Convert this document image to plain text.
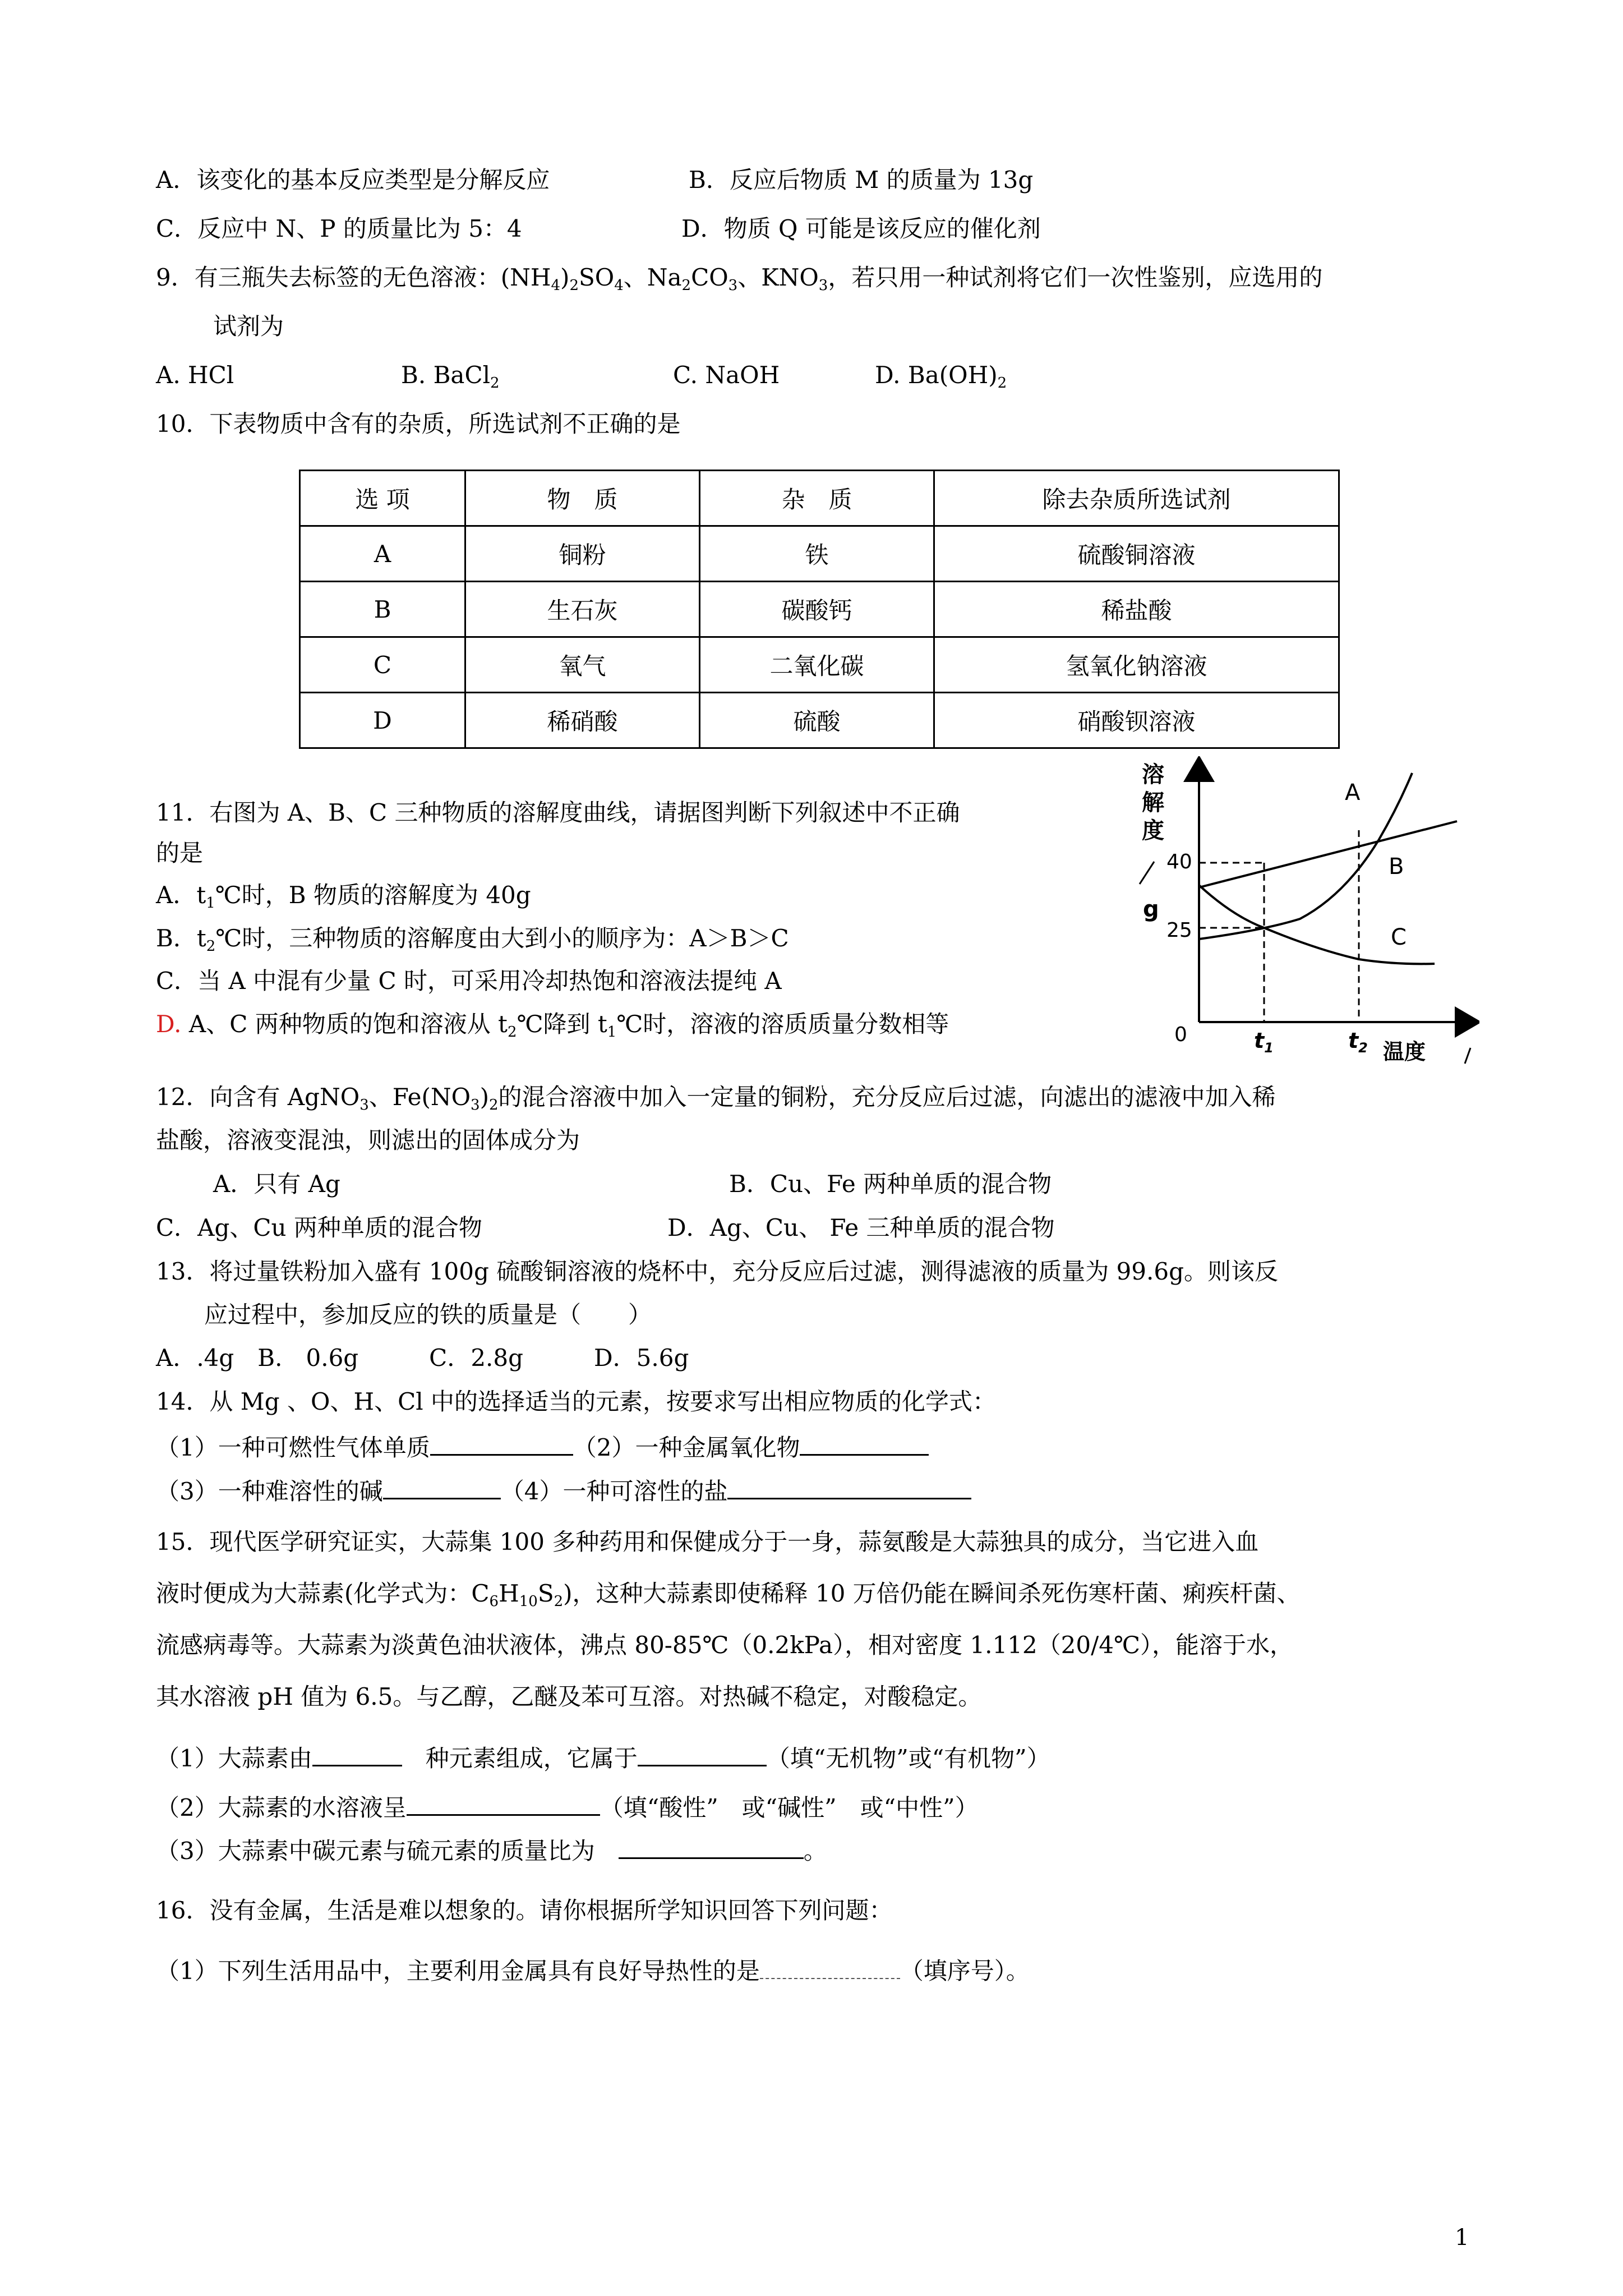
A．该变化的基本反应类型是分解反应	B．反应后物质 M 的质量为 13g
C．反应中 N、P 的质量比为 5：4	D．物质 Q 可能是该反应的催化剂
9．有三瓶失去标签的无色溶液：$(NH_4)_2SO_4$、$Na_2CO_3$、$KNO_3$，若只用一种试剂将它们一次性鉴别，应选用的
试剂为
A. HCl	B. BaCl$_2$	C. NaOH	D. $Ba(OH)_2$
10．下表物质中含有的杂质，所选试剂不正确的是
选 项	物　质	杂　质	除去杂质所选试剂
A	铜粉	铁	硫酸铜溶液
B	生石灰	碳酸钙	稀盐酸
C	氧气	二氧化碳	氢氧化钠溶液
D	稀硝酸	硫酸	硝酸钡溶液
11．右图为 A、B、C 三种物质的溶解度曲线，请据图判断下列叙述中不正确
的是
A．$t_1℃$时，B 物质的溶解度为 40g
B．$t_2℃$时，三种物质的溶解度由大到小的顺序为：A＞B＞C
C．当 A 中混有少量 C 时，可采用冷却热饱和溶液法提纯 A
D. A、C 两种物质的饱和溶液从 $t_2℃$降到 $t_1℃$时，溶液的溶质质量分数相等
溶
解
度
g
40
25
0
A
B
C
$t_1$	$t_2$ 温度
12．向含有 AgNO$_3$、$Fe(NO_3)_2$的混合溶液中加入一定量的铜粉，充分反应后过滤，向滤出的滤液中加入稀
盐酸，溶液变混浊，则滤出的固体成分为
A．只有 Ag	B．Cu、Fe 两种单质的混合物
C．Ag、Cu 两种单质的混合物	D．Ag、Cu、 Fe 三种单质的混合物
13．将过量铁粉加入盛有 100g 硫酸铜溶液的烧杯中，充分反应后过滤，测得滤液的质量为 99.6g。则该反
应过程中，参加反应的铁的质量是（　　）
A．.4g　B.　0.6g　　　C．2.8g　　　D．5.6g
14．从 Mg 、O、H、Cl 中的选择适当的元素，按要求写出相应物质的化学式：
（1）一种可燃性气体单质	（2）一种金属氧化物
（3）一种难溶性的碱	（4）一种可溶性的盐
15．现代医学研究证实，大蒜集 100 多种药用和保健成分于一身，蒜氨酸是大蒜独具的成分，当它进入血
液时便成为大蒜素(化学式为：$C_6H_{10}S_2$)，这种大蒜素即使稀释 10 万倍仍能在瞬间杀死伤寒杆菌、痢疾杆菌、
流感病毒等。大蒜素为淡黄色油状液体，沸点 80-85℃（0.2kPa），相对密度 1.112（20/4℃），能溶于水，
其水溶液 pH 值为 6.5。与乙醇，乙醚及苯可互溶。对热碱不稳定，对酸稳定。
（1）大蒜素由　	种元素组成，它属于	（填“无机物”或“有机物”）
（2）大蒜素的水溶液呈	（填“酸性”　或“碱性”　或“中性”）
（3）大蒜素中碳元素与硫元素的质量比为　	。
16．没有金属，生活是难以想象的。请你根据所学知识回答下列问题：
（1）下列生活用品中，主要利用金属具有良好导热性的是	（填序号）。
1
